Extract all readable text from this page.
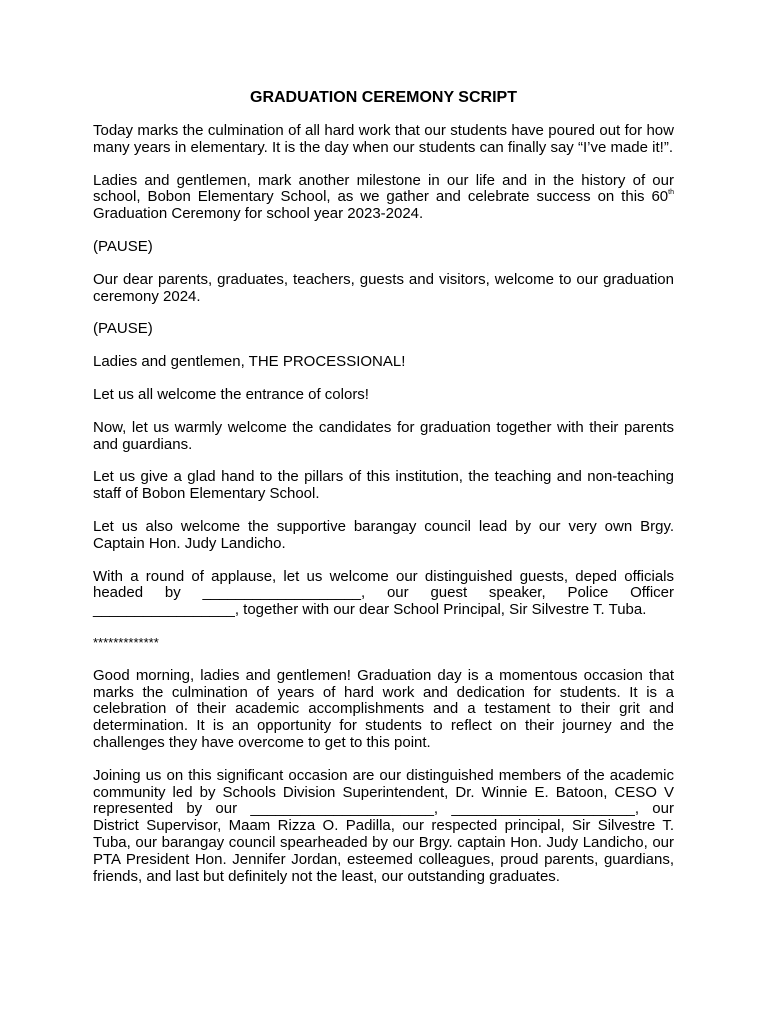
GRADUATION CEREMONY SCRIPT

Today marks the culmination of all hard work that our students have poured out for how many years in elementary. It is the day when our students can finally say “I’ve made it!”.

Ladies and gentlemen, mark another milestone in our life and in the history of our school, Bobon Elementary School, as we gather and celebrate success on this 60th Graduation Ceremony for school year 2023-2024.

(PAUSE)

Our dear parents, graduates, teachers, guests and visitors, welcome to our graduation ceremony 2024.

(PAUSE)

Ladies and gentlemen, THE PROCESSIONAL!

Let us all welcome the entrance of colors!

Now, let us warmly welcome the candidates for graduation together with their parents and guardians.

Let us give a glad hand to the pillars of this institution, the teaching and non-teaching staff of Bobon Elementary School.

Let us also welcome the supportive barangay council lead by our very own Brgy. Captain Hon. Judy Landicho.

With a round of applause, let us welcome our distinguished guests, deped officials headed by ___________________, our guest speaker, Police Officer _________________, together with our dear School Principal, Sir Silvestre T. Tuba.

*************

Good morning, ladies and gentlemen! Graduation day is a momentous occasion that marks the culmination of years of hard work and dedication for students. It is a celebration of their academic accomplishments and a testament to their grit and determination. It is an opportunity for students to reflect on their journey and the challenges they have overcome to get to this point.

Joining us on this significant occasion are our distinguished members of the academic community led by Schools Division Superintendent, Dr. Winnie E. Batoon, CESO V represented by our ______________________, ______________________, our District Supervisor, Maam Rizza O. Padilla, our respected principal, Sir Silvestre T. Tuba, our barangay council spearheaded by our Brgy. captain Hon. Judy Landicho, our PTA President Hon. Jennifer Jordan, esteemed colleagues, proud parents, guardians, friends, and last but definitely not the least, our outstanding graduates.
